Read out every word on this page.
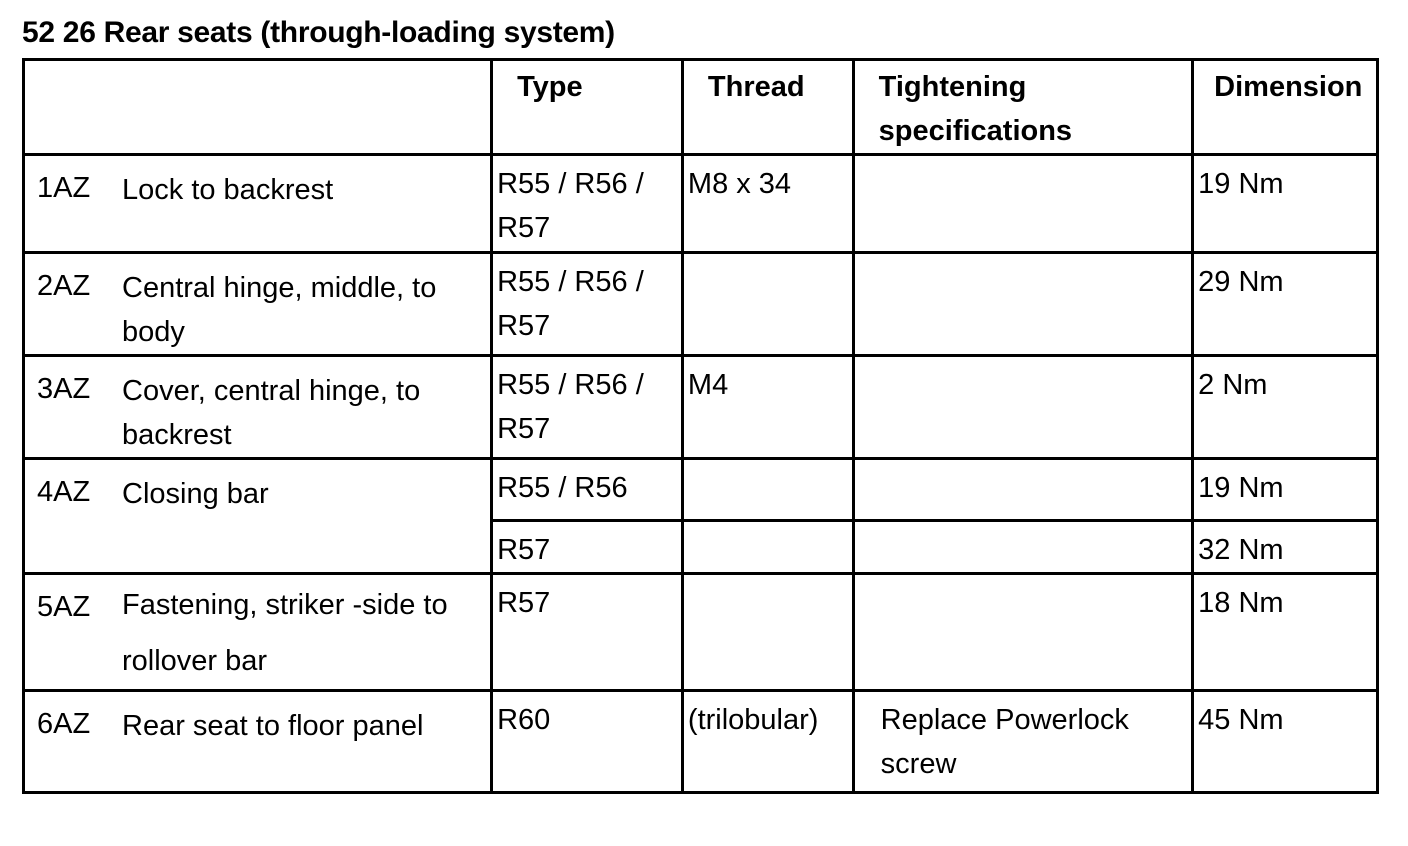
52 26 Rear seats (through-loading system)
	Type	Thread	Tightening specifications	Dimension

1AZ Lock to backrest	R55 / R56 / R57	M8 x 34		19 Nm

2AZ Central hinge, middle, to body	R55 / R56 / R57			29 Nm

3AZ Cover, central hinge, to backrest	R55 / R56 / R57	M4		2 Nm

4AZ Closing bar	R55 / R56			19 Nm

	R57			32 Nm

5AZ Fastening, striker -side to rollover bar	R57			18 Nm

6AZ Rear seat to floor panel	R60	(trilobular)	Replace Powerlock screw	45 Nm
